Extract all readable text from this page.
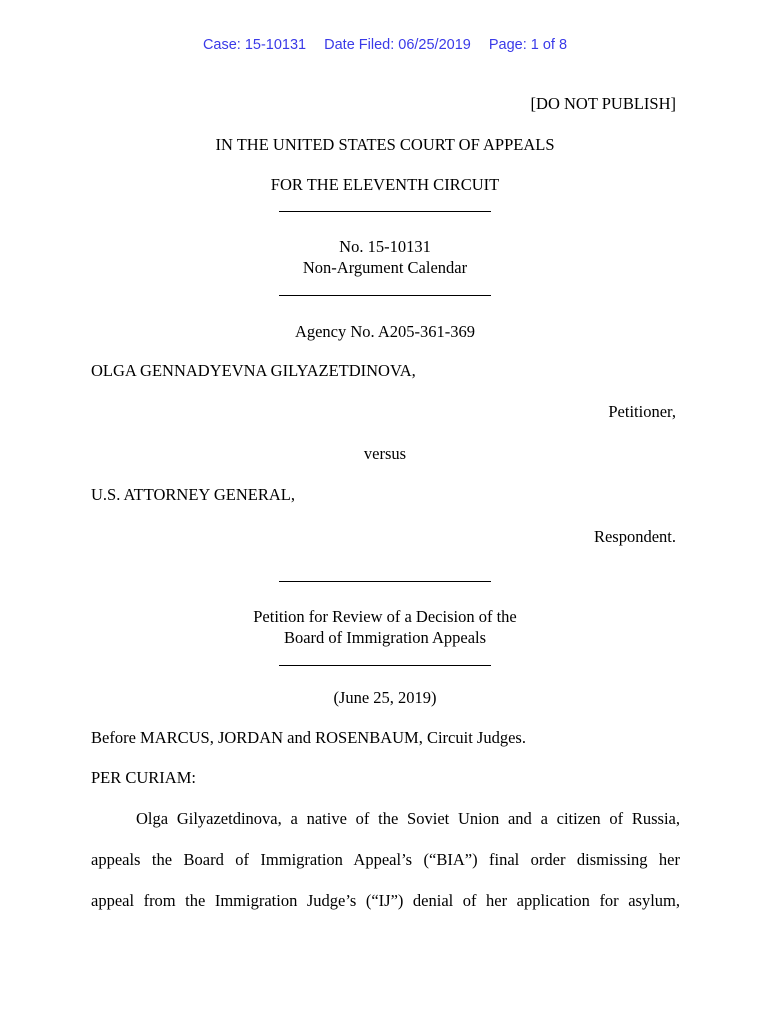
Case: 15-10131 Date Filed: 06/25/2019 Page: 1 of 8
[DO NOT PUBLISH]
IN THE UNITED STATES COURT OF APPEALS
FOR THE ELEVENTH CIRCUIT
No. 15-10131
Non-Argument Calendar
Agency No. A205-361-369
OLGA GENNADYEVNA GILYAZETDINOVA,
Petitioner,
versus
U.S. ATTORNEY GENERAL,
Respondent.
Petition for Review of a Decision of the
Board of Immigration Appeals
(June 25, 2019)
Before MARCUS, JORDAN and ROSENBAUM, Circuit Judges.
PER CURIAM:
Olga Gilyazetdinova, a native of the Soviet Union and a citizen of Russia,
appeals the Board of Immigration Appeal’s (“BIA”) final order dismissing her
appeal from the Immigration Judge’s (“IJ”) denial of her application for asylum,
